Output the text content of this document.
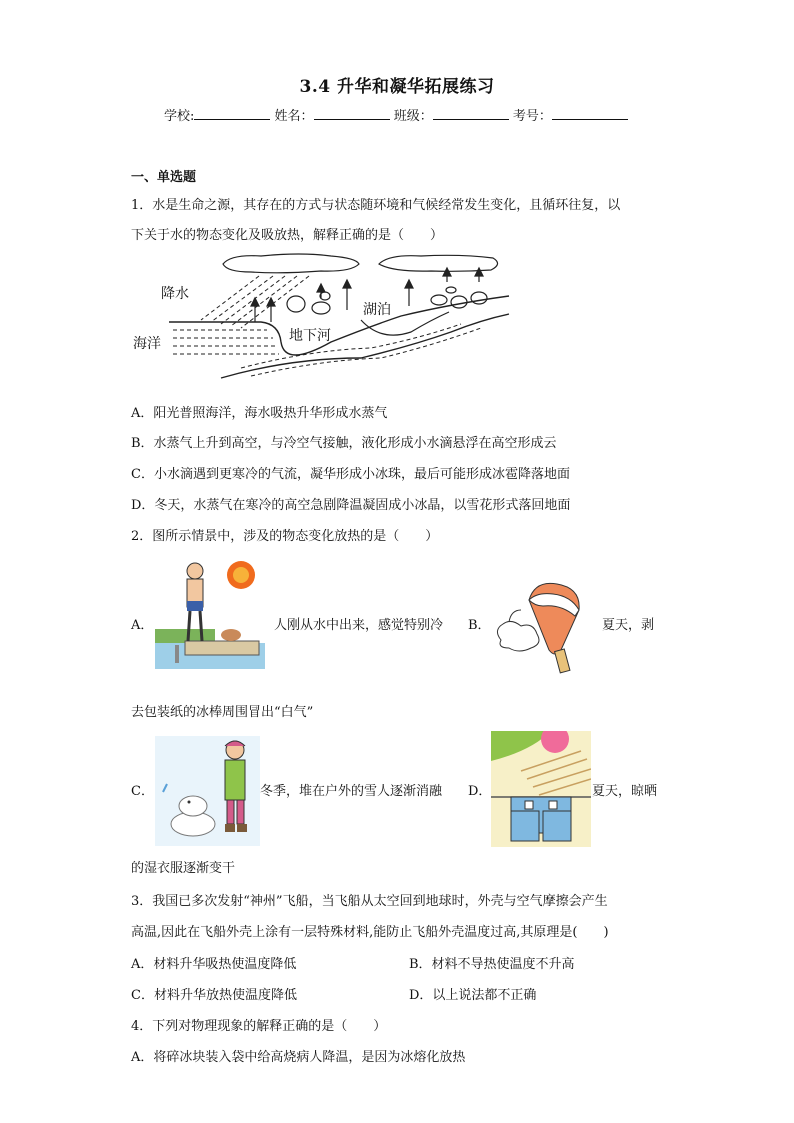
3.4 升华和凝华拓展练习
学校:	姓名：	班级：	考号：
一、单选题
1．水是生命之源，其存在的方式与状态随环境和气候经常发生变化，且循环往复，以
下关于水的物态变化及吸放热，解释正确的是（　　）
降水
海洋
湖泊
地下河
A．阳光普照海洋，海水吸热升华形成水蒸气
B．水蒸气上升到高空，与冷空气接触，液化形成小水滴悬浮在高空形成云
C．小水滴遇到更寒冷的气流，凝华形成小冰珠，最后可能形成冰雹降落地面
D．冬天，水蒸气在寒冷的高空急剧降温凝固成小冰晶，以雪花形式落回地面
2．图所示情景中，涉及的物态变化放热的是（　　）
A．	人刚从水中出来，感觉特别冷 B．	夏天，剥
去包装纸的冰棒周围冒出“白气”
C．	冬季，堆在户外的雪人逐渐消融 D．	夏天，晾晒
的湿衣服逐渐变干
3．我国已多次发射“神州”飞船，当飞船从太空回到地球时，外壳与空气摩擦会产生
高温,因此在飞船外壳上涂有一层特殊材料,能防止飞船外壳温度过高,其原理是(　　)
A．材料升华吸热使温度降低	B．材料不导热使温度不升高
C．材料升华放热使温度降低	D．以上说法都不正确
4．下列对物理现象的解释正确的是（　　）
A．将碎冰块装入袋中给高烧病人降温，是因为冰熔化放热
